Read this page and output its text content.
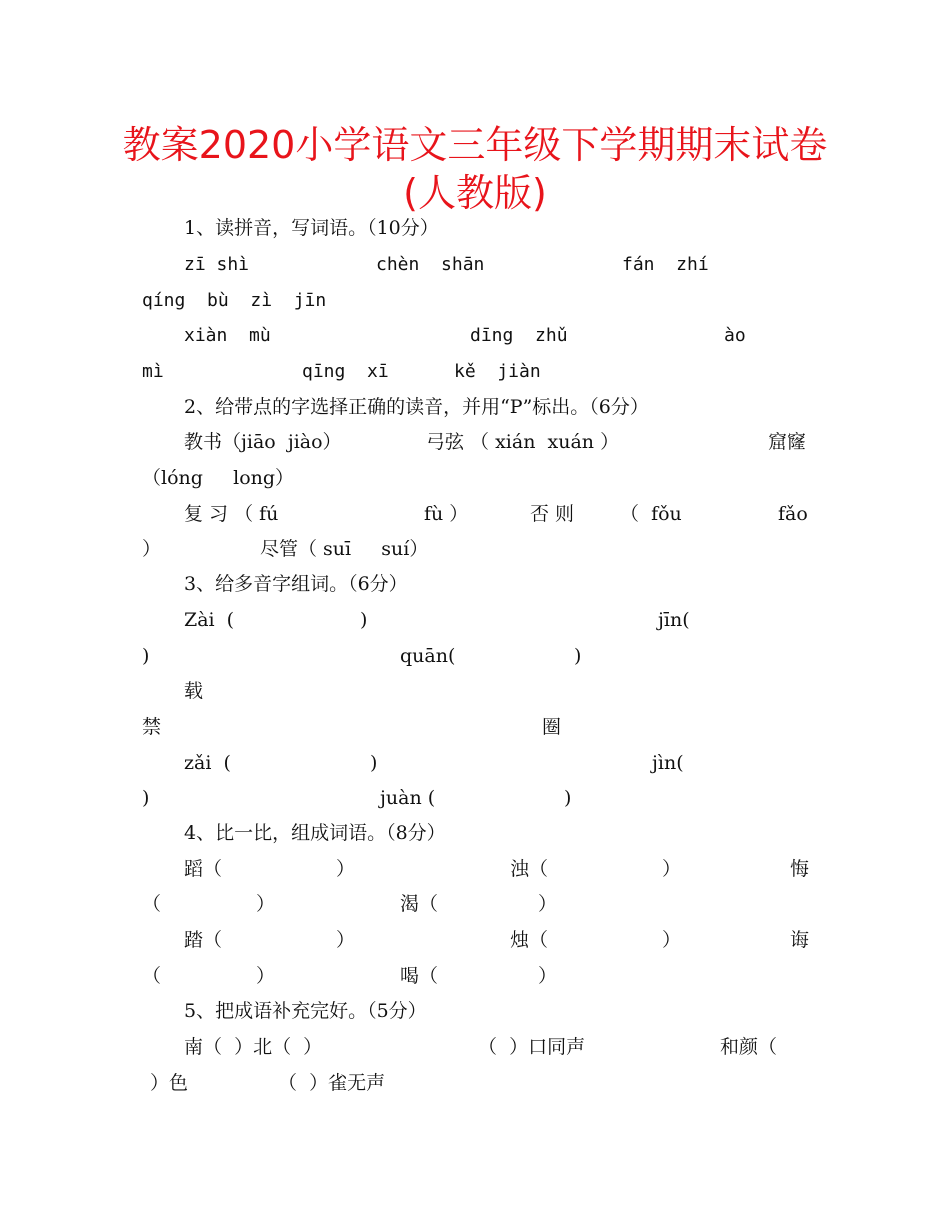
教案2020小学语文三年级下学期期末试卷
(人教版)
1、读拼音，写词语。（10分）
zī shì	chèn  shān	fán  zhí
qíng  bù  zì  jīn
xiàn  mù	dīng  zhǔ	ào
mì	qīng  xī	kě  jiàn
2、给带点的字选择正确的读音，并用“P”标出。（6分）
教书（jiāo  jiào）	弓弦 （ xián  xuán ）	窟窿
（lóng     long）
复 习 （ fú	fù ）	否 则 （  fǒu	fǎo
）	尽管（ suī     suí）
3、给多音字组词。（6分）
Zài  (	)	jīn(
)	quān(	)
载
禁	圈
zǎi  (	)	jìn(
)	juàn (	)
4、比一比，组成词语。（8分）
蹈（	）	浊（	）	悔
（	）	渴（	）
踏（	）	烛（	）	诲
（	）	喝（	）
5、把成语补充完好。（5分）
南（  ）北（  ）	（  ）口同声	和颜（
）色	（  ）雀无声
